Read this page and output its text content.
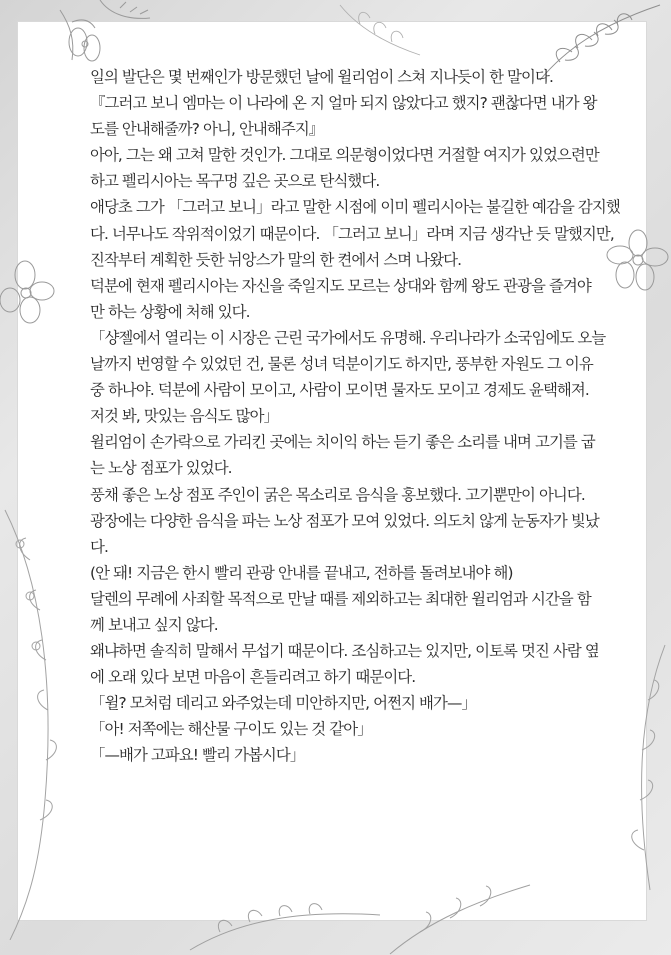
일의 발단은 몇 번째인가 방문했던 날에 윌리엄이 스쳐 지나듯이 한 말이다.

『그러고 보니 엠마는 이 나라에 온 지 얼마 되지 않았다고 했지? 괜찮다면 내가 왕
도를 안내해줄까? 아니, 안내해주지』

아아, 그는 왜 고쳐 말한 것인가. 그대로 의문형이었다면 거절할 여지가 있었으련만
하고 펠리시아는 목구멍 깊은 곳으로 탄식했다.

애당초 그가 「그러고 보니」라고 말한 시점에 이미 펠리시아는 불길한 예감을 감지했
다. 너무나도 작위적이었기 때문이다. 「그러고 보니」라며 지금 생각난 듯 말했지만,
진작부터 계획한 듯한 뉘앙스가 말의 한 켠에서 스며 나왔다.

덕분에 현재 펠리시아는 자신을 죽일지도 모르는 상대와 함께 왕도 관광을 즐겨야
만 하는 상황에 처해 있다.

「샹젤에서 열리는 이 시장은 근린 국가에서도 유명해. 우리나라가 소국임에도 오늘
날까지 번영할 수 있었던 건, 물론 성녀 덕분이기도 하지만, 풍부한 자원도 그 이유
중 하나야. 덕분에 사람이 모이고, 사람이 모이면 물자도 모이고 경제도 윤택해져.
저것 봐, 맛있는 음식도 많아」

윌리엄이 손가락으로 가리킨 곳에는 치이익 하는 듣기 좋은 소리를 내며 고기를 굽
는 노상 점포가 있었다.

풍채 좋은 노상 점포 주인이 굵은 목소리로 음식을 홍보했다. 고기뿐만이 아니다.
광장에는 다양한 음식을 파는 노상 점포가 모여 있었다. 의도치 않게 눈동자가 빛났
다.

(안 돼! 지금은 한시 빨리 관광 안내를 끝내고, 전하를 돌려보내야 해)

달렌의 무례에 사죄할 목적으로 만날 때를 제외하고는 최대한 윌리엄과 시간을 함
께 보내고 싶지 않다.

왜냐하면 솔직히 말해서 무섭기 때문이다. 조심하고는 있지만, 이토록 멋진 사람 옆
에 오래 있다 보면 마음이 흔들리려고 하기 때문이다.

「윌? 모처럼 데리고 와주었는데 미안하지만, 어쩐지 배가—」

「아! 저쪽에는 해산물 구이도 있는 것 같아」

「—배가 고파요! 빨리 가봅시다」
